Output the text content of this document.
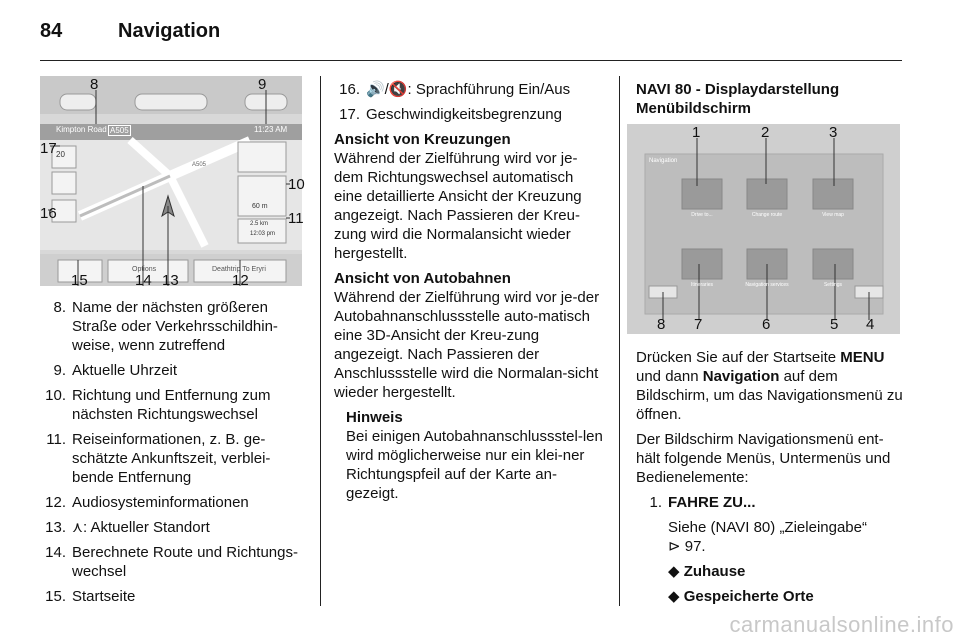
84	Navigation
Kimpton Road A505	11:23 AM
A505
20
60 m
2.5 km
12:03 pm
Options	Deathtrip To Eryri
8	9
17
10
16	11
15	14 13	12
8. Name der nächsten größeren Straße oder Verkehrsschildhin-weise, wenn zutreffend
9. Aktuelle Uhrzeit
10. Richtung und Entfernung zum nächsten Richtungswechsel
11. Reiseinformationen, z. B. ge-schätzte Ankunftszeit, verblei-bende Entfernung
12. Audiosysteminformationen
13. ⋏: Aktueller Standort
14. Berechnete Route und Richtungs-wechsel
15. Startseite
16. 🔊/🔇: Sprachführung Ein/Aus
17. Geschwindigkeitsbegrenzung
Ansicht von Kreuzungen
Während der Zielführung wird vor je-dem Richtungswechsel automatisch eine detaillierte Ansicht der Kreuzung angezeigt. Nach Passieren der Kreu-zung wird die Normalansicht wieder hergestellt.
Ansicht von Autobahnen
Während der Zielführung wird vor je-der Autobahnanschlussstelle auto-matisch eine 3D-Ansicht der Kreu-zung angezeigt. Nach Passieren der Anschlussstelle wird die Normalan-sicht wieder hergestellt.
Hinweis
Bei einigen Autobahnanschlussstel-len wird möglicherweise nur ein klei-ner Richtungspfeil auf der Karte an-gezeigt.
NAVI 80 - Displaydarstellung
Menübildschirm
Navigation
Drive to...	Change route	View map
Itineraries	Navigation services	Settings
1	2	3
8 7	6	5 4
Drücken Sie auf der Startseite MENU und dann Navigation auf dem Bildschirm, um das Navigationsmenü zu öffnen.
Der Bildschirm Navigationsmenü ent-hält folgende Menüs, Untermenüs und Bedienelemente:
1. FAHRE ZU...
Siehe (NAVI 80) „Zieleingabe“
⊳ 97.
◆ Zuhause
◆ Gespeicherte Orte
carmanualsonline.info
